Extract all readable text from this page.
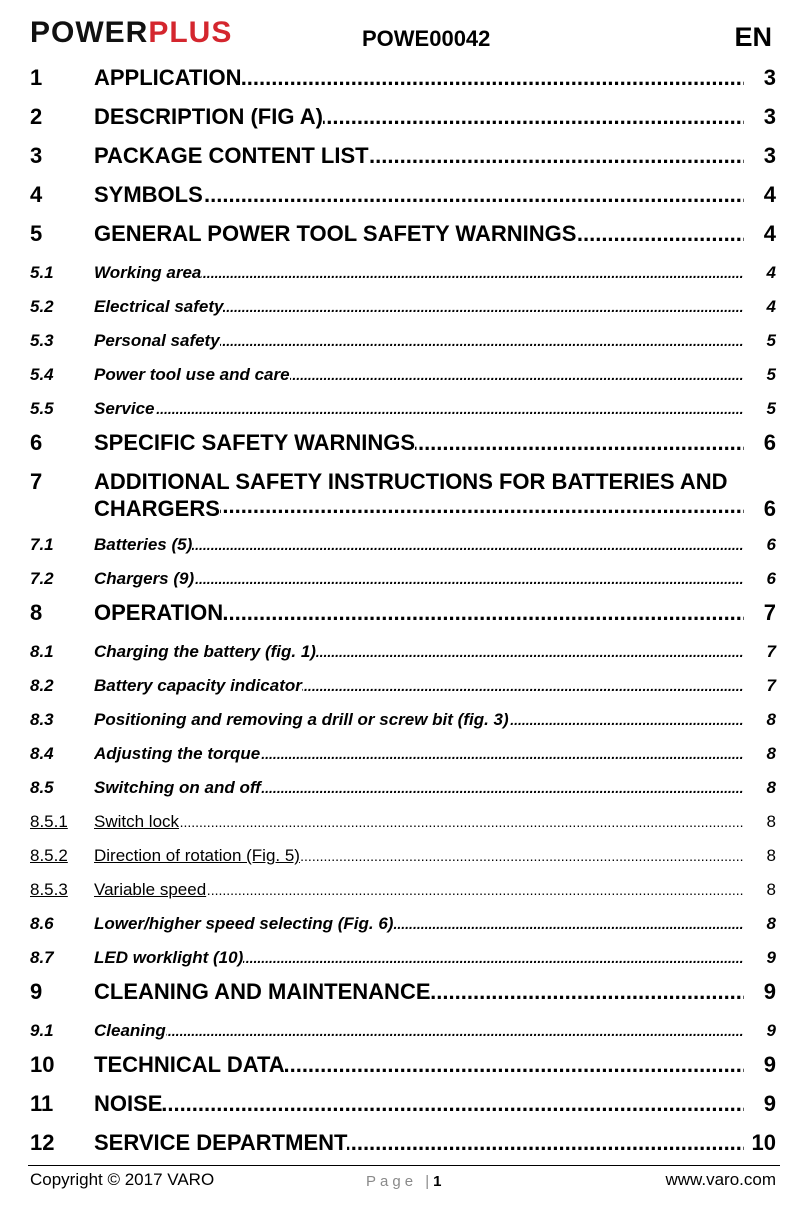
POWERPLUS	POWE00042	EN
1 APPLICATION .....	3
2 DESCRIPTION (FIG A) .....	3
3 PACKAGE CONTENT LIST .....	3
4 SYMBOLS .....	4
5 GENERAL POWER TOOL SAFETY WARNINGS .....	4
5.1 Working area .....	4
5.2 Electrical safety .....	4
5.3 Personal safety .....	5
5.4 Power tool use and care .....	5
5.5 Service .....	5
6 SPECIFIC SAFETY WARNINGS .....	6
7 ADDITIONAL SAFETY INSTRUCTIONS FOR BATTERIES AND
CHARGERS .....	6
7.1 Batteries (5) .....	6
7.2 Chargers (9) .....	6
8 OPERATION .....	7
8.1 Charging the battery (fig. 1) .....	7
8.2 Battery capacity indicator .....	7
8.3 Positioning and removing a drill or screw bit (fig. 3) .....	8
8.4 Adjusting the torque .....	8
8.5 Switching on and off .....	8
8.5.1 Switch lock .....	8
8.5.2 Direction of rotation (Fig. 5) .....	8
8.5.3 Variable speed .....	8
8.6 Lower/higher speed selecting (Fig. 6) .....	8
8.7 LED worklight (10) .....	9
9 CLEANING AND MAINTENANCE .....	9
9.1 Cleaning .....	9
10 TECHNICAL DATA .....	9
11 NOISE .....	9
12 SERVICE DEPARTMENT .....	10
Copyright © 2017 VARO	Page |1	www.varo.com
